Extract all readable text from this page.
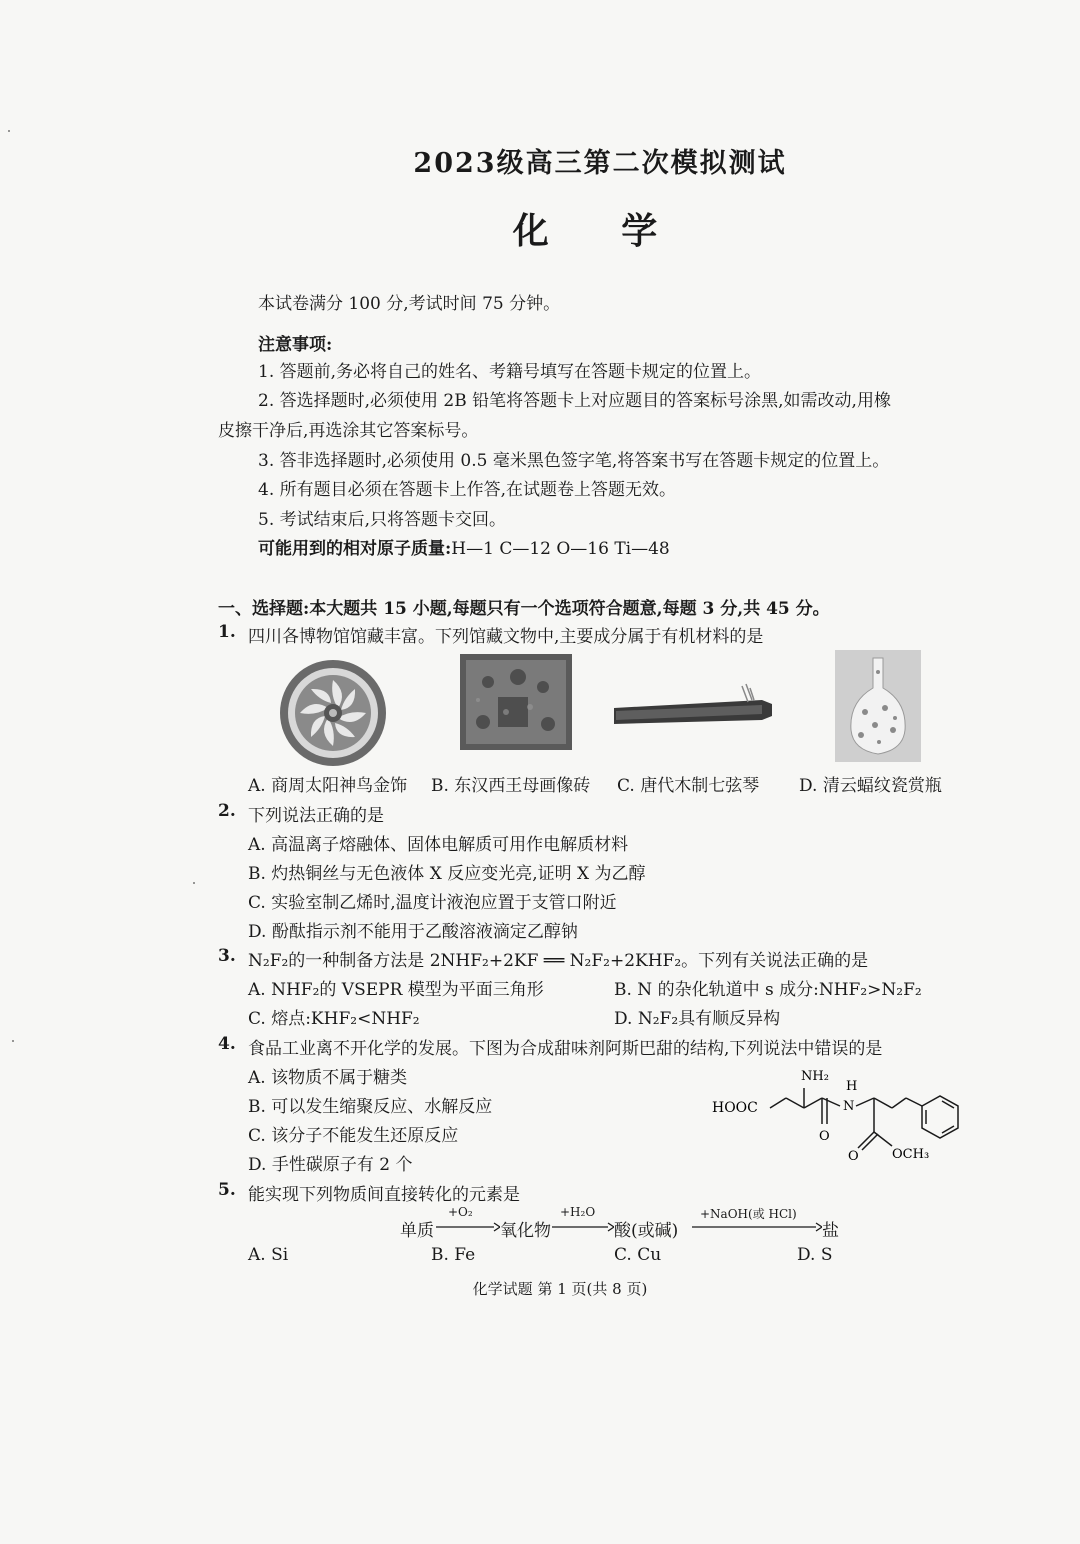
2023级高三第二次模拟测试
化 学
本试卷满分 100 分,考试时间 75 分钟。
注意事项:
1. 答题前,务必将自己的姓名、考籍号填写在答题卡规定的位置上。
2. 答选择题时,必须使用 2B 铅笔将答题卡上对应题目的答案标号涂黑,如需改动,用橡
皮擦干净后,再选涂其它答案标号。
3. 答非选择题时,必须使用 0.5 毫米黑色签字笔,将答案书写在答题卡规定的位置上。
4. 所有题目必须在答题卡上作答,在试题卷上答题无效。
5. 考试结束后,只将答题卡交回。
可能用到的相对原子质量:H—1 C—12 O—16 Ti—48
一、选择题:本大题共 15 小题,每题只有一个选项符合题意,每题 3 分,共 45 分。
1. 四川各博物馆馆藏丰富。下列馆藏文物中,主要成分属于有机材料的是
A. 商周太阳神鸟金饰 B. 东汉西王母画像砖 C. 唐代木制七弦琴 D. 清云蝠纹瓷赏瓶
2. 下列说法正确的是
A. 高温离子熔融体、固体电解质可用作电解质材料
B. 灼热铜丝与无色液体 X 反应变光亮,证明 X 为乙醇
C. 实验室制乙烯时,温度计液泡应置于支管口附近
D. 酚酞指示剂不能用于乙酸溶液滴定乙醇钠
3. N₂F₂的一种制备方法是 2NHF₂+2KF ══ N₂F₂+2KHF₂。下列有关说法正确的是
A. NHF₂的 VSEPR 模型为平面三角形	B. N 的杂化轨道中 s 成分:NHF₂>N₂F₂
C. 熔点:KHF₂<NHF₂	D. N₂F₂具有顺反异构
4. 食品工业离不开化学的发展。下图为合成甜味剂阿斯巴甜的结构,下列说法中错误的是
A. 该物质不属于糖类
B. 可以发生缩聚反应、水解反应
C. 该分子不能发生还原反应
D. 手性碳原子有 2 个
NH₂
H
N
HOOC
O
O	OCH₃
5. 能实现下列物质间直接转化的元素是
单质
+O₂
氧化物
+H₂O
酸(或碱)
+NaOH(或 HCl)
盐
A. Si	B. Fe	C. Cu	D. S
化学试题 第 1 页(共 8 页)
